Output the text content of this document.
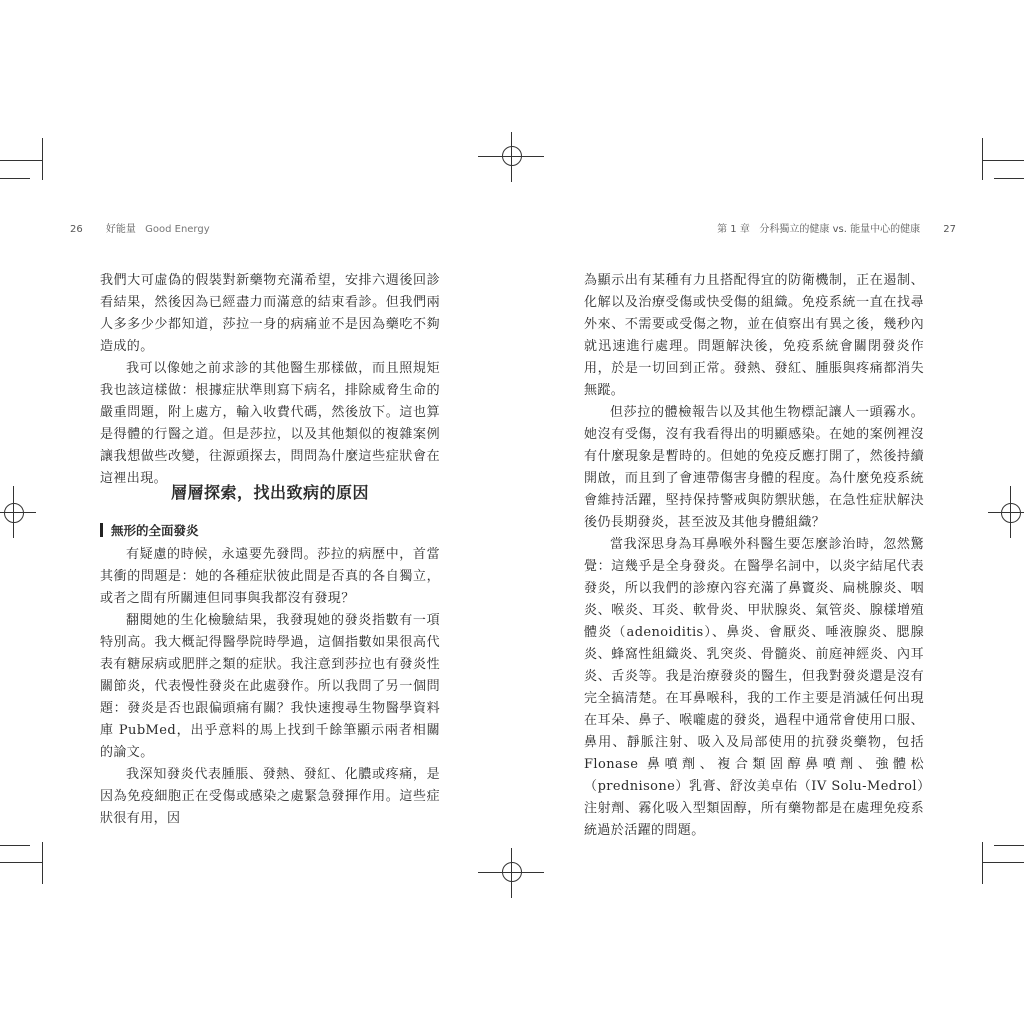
26 好能量 Good Energy

我們大可虛偽的假裝對新藥物充滿希望，安排六週後回診看結果，然後因為已經盡力而滿意的結束看診。但我們兩人多多少少都知道，莎拉一身的病痛並不是因為藥吃不夠造成的。

我可以像她之前求診的其他醫生那樣做，而且照規矩我也該這樣做：根據症狀準則寫下病名，排除威脅生命的嚴重問題，附上處方，輸入收費代碼，然後放下。這也算是得體的行醫之道。但是莎拉，以及其他類似的複雜案例讓我想做些改變，往源頭探去，問問為什麼這些症狀會在這裡出現。

層層探索，找出致病的原因
無形的全面發炎

有疑慮的時候，永遠要先發問。莎拉的病歷中，首當其衝的問題是：她的各種症狀彼此間是否真的各自獨立，或者之間有所關連但同事與我都沒有發現？

翻閱她的生化檢驗結果，我發現她的發炎指數有一項特別高。我大概記得醫學院時學過，這個指數如果很高代表有糖尿病或肥胖之類的症狀。我注意到莎拉也有發炎性關節炎，代表慢性發炎在此處發作。所以我問了另一個問題：發炎是否也跟偏頭痛有關？我快速搜尋生物醫學資料庫 PubMed，出乎意料的馬上找到千餘筆顯示兩者相關的論文。

我深知發炎代表腫脹、發熱、發紅、化膿或疼痛，是因為免疫細胞正在受傷或感染之處緊急發揮作用。這些症狀很有用，因

第 1 章 分科獨立的健康 vs. 能量中心的健康 27

為顯示出有某種有力且搭配得宜的防衛機制，正在遏制、化解以及治療受傷或快受傷的組織。免疫系統一直在找尋外來、不需要或受傷之物，並在偵察出有異之後，幾秒內就迅速進行處理。問題解決後，免疫系統會關閉發炎作用，於是一切回到正常。發熱、發紅、腫脹與疼痛都消失無蹤。

但莎拉的體檢報告以及其他生物標記讓人一頭霧水。她沒有受傷，沒有我看得出的明顯感染。在她的案例裡沒有什麼現象是暫時的。但她的免疫反應打開了，然後持續開啟，而且到了會連帶傷害身體的程度。為什麼免疫系統會維持活躍，堅持保持警戒與防禦狀態，在急性症狀解決後仍長期發炎，甚至波及其他身體組織？

當我深思身為耳鼻喉外科醫生要怎麼診治時，忽然驚覺：這幾乎是全身發炎。在醫學名詞中，以炎字結尾代表發炎，所以我們的診療內容充滿了鼻竇炎、扁桃腺炎、咽炎、喉炎、耳炎、軟骨炎、甲狀腺炎、氣管炎、腺樣增殖體炎（adenoiditis）、鼻炎、會厭炎、唾液腺炎、腮腺炎、蜂窩性組織炎、乳突炎、骨髓炎、前庭神經炎、內耳炎、舌炎等。我是治療發炎的醫生，但我對發炎還是沒有完全搞清楚。在耳鼻喉科，我的工作主要是消滅任何出現在耳朵、鼻子、喉嚨處的發炎，過程中通常會使用口服、鼻用、靜脈注射、吸入及局部使用的抗發炎藥物，包括 Flonase 鼻噴劑、複合類固醇鼻噴劑、強體松（prednisone）乳膏、舒汝美卓佑（IV Solu-Medrol）注射劑、霧化吸入型類固醇，所有藥物都是在處理免疫系統過於活躍的問題。
